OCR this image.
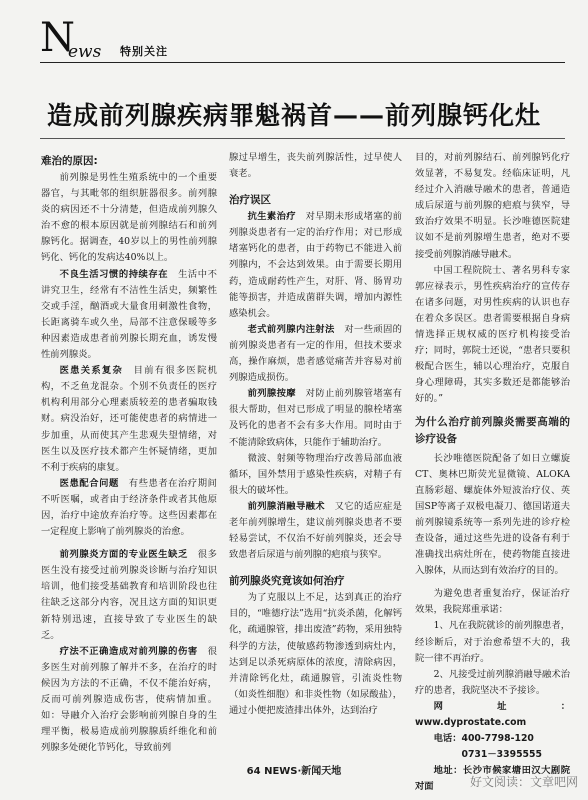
N
ews 特别关注
造成前列腺疾病罪魁祸首——前列腺钙化灶
难治的原因:

前列腺是男性生殖系统中的一个重要器官，与其毗邻的组织脏器很多。前列腺炎的病因还不十分清楚，但造成前列腺久治不愈的根本原因就是前列腺结石和前列腺钙化。据调查，40岁以上的男性前列腺钙化、钙化的发病达40%以上。

不良生活习惯的持续存在　 生活中不讲究卫生，经常有不洁性生活史，频繁性交或手淫，酗酒或大量食用刺激性食物，长距离骑车或久坐，局部不注意保暖等多种因素造成患者前列腺长期充血，诱发慢性前列腺炎。

医患关系复杂　 目前有很多医院机构，不乏鱼龙混杂。个别不负责任的医疗机构利用部分心理素质较差的患者骗取钱财。病没治好，还可能使患者的病情进一步加重，从而使其产生悲观失望情绪，对医生以及医疗技术都产生怀疑情绪，更加不利于疾病的康复。

医患配合问题　 有些患者在治疗期间不听医嘱，或者由于经济条件或者其他原因，治疗中途放弃治疗等。这些因素都在一定程度上影响了前列腺炎的治愈。

前列腺炎方面的专业医生缺乏　 很多医生没有接受过前列腺炎诊断与治疗知识培训，他们接受基础教育和培训阶段也往往缺乏这部分内容，况且这方面的知识更新特别迅速，直接导致了专业医生的缺乏。

疗法不正确造成对前列腺的伤害　 很多医生对前列腺了解并不多，在治疗的时候因为方法的不正确，不仅不能治好病，反而可前列腺造成伤害，使病情加重。如：导融介入治疗会影响前列腺自身的生理平衡，极易造成前列腺腺质纤维化和前列腺多处硬化节钙化，导致前列

腺过早增生，丧失前列腺活性，过早使人衰老。

治疗误区

抗生素治疗　 对早期未形成堵塞的前列腺炎患者有一定的治疗作用；对已形成堵塞钙化的患者，由于药物已不能进入前列腺内，不会达到效果。由于需要长期用药，造成耐药性产生，对肝、肾、肠胃功能等损害，并造成菌群失调，增加内源性感染机会。

老式前列腺内注射法　 对一些顽固的前列腺炎患者有一定的作用，但技术要求高，操作麻烦，患者感觉痛苦并容易对前列腺造成损伤。

前列腺按摩　 对防止前列腺管堵塞有很大帮助，但对已形成了明显的腺栓堵塞及钙化的患者不会有多大作用。同时由于不能清除致病体，只能作于辅助治疗。

微波、射频等物理治疗改善局部血液循环，国外禁用于感染性疾病，对精子有很大的破坏性。

前列腺消融导融术　 又它的适应症是老年前列腺增生，建议前列腺炎患者不要轻易尝试，不仅治不好前列腺炎，还会导致患者后尿道与前列腺的疤痕与狭窄。

前列腺炎究竟该如何治疗

为了克服以上不足，达到真正的治疗目的，“唯德疗法”选用“抗炎杀菌，化解钙化，疏通腺管，排出废渣”药物，采用独特科学的方法，使敏感药物渗透到病灶内，达到足以杀死病原体的浓度，清除病因，并清除钙化灶，疏通腺管，引流炎性物（如炎性细胞）和非炎性物（如尿酸盐），通过小便把废渣排出体外，达到治疗

目的，对前列腺结石、前列腺钙化疗效显著，不易复发。经临床证明，凡经过介入消融导融术的患者，普通造成后尿道与前列腺的疤痕与狭窄，导致治疗效果不明显。长沙唯德医院建议如不是前列腺增生患者，绝对不要接受前列腺消融导融术。

中国工程院院士、著名男科专家郭应禄表示，男性疾病治疗的宣传存在诸多问题，对男性疾病的认识也存在着众多误区。患者需要根据自身病情选择正规权威的医疗机构接受治疗；同时，郭院士还说，“患者只要积极配合医生，辅以心理治疗，克服自身心理障碍，其实多数还是都能够治好的。”

为什么治疗前列腺炎需要高端的诊疗设备

长沙唯德医院配备了如日立螺旋CT、奥林巴斯荧光显微镜、ALOKA直肠彩超、螺旋体外短波治疗仪、英国SP等离子双极电凝刀、德国诺道夫前列腺镜系统等一系列先进的诊疗检查设备，通过这些先进的设备有利于准确找出病灶所在，使药物能直接进入腺体，从而达到有效治疗的目的。

为避免患者重复治疗，保证治疗效果，我院郑重承诺：

1、凡在我院就诊的前列腺患者，经诊断后，对于治愈希望不大的，我院一律不再治疗。

2、凡接受过前列腺消融导融术治疗的患者，我院坚决不予接诊。

网址：www.dyprostate.com

电话：400-7798-120

0731－3395555

地址：长沙市候家塘田汉大剧院对面

64 NEWS·新闻天地
好文阅读：文章吧网
